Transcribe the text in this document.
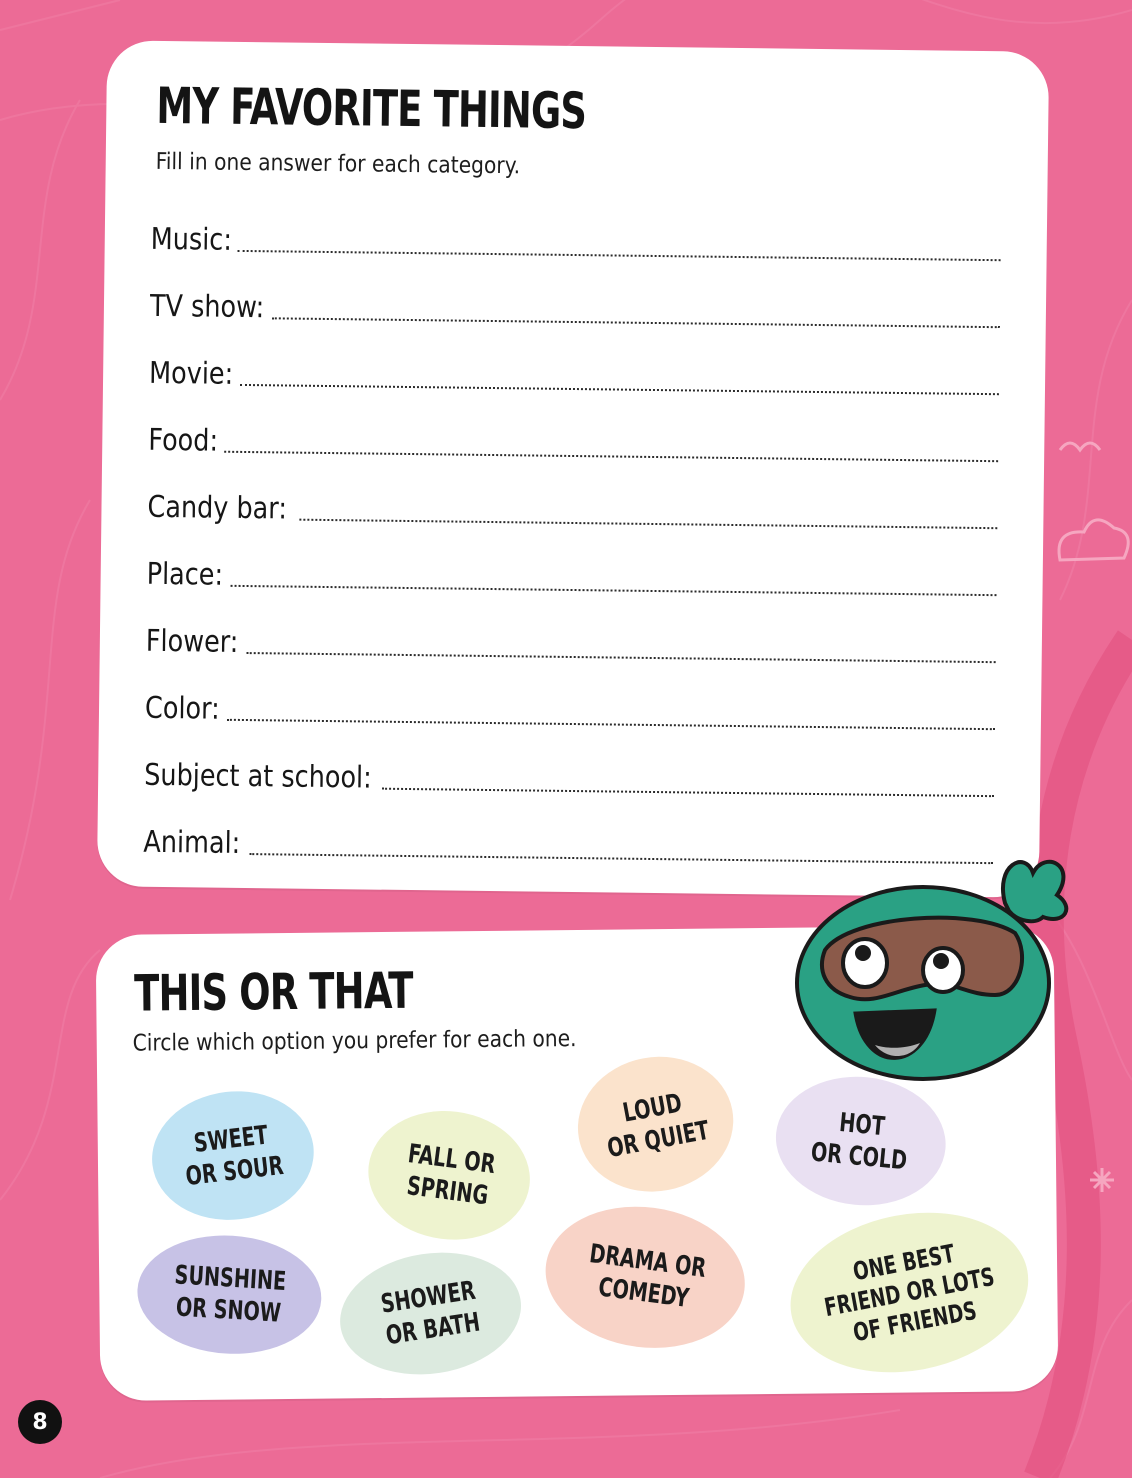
MY FAVORITE THINGS
Fill in one answer for each category.
Music:
TV show:
Movie:
Food:
Candy bar:
Place:
Flower:
Color:
Subject at school:
Animal:
THIS OR THAT
Circle which option you prefer for each one.
SWEET
OR SOUR	FALL OR
SPRING
LOUD
OR QUIET	HOT
OR COLD
SUNSHINE
OR SNOW	SHOWER
OR BATH
DRAMA OR
COMEDY
ONE BEST
FRIEND OR LOTS
OF FRIENDS
8
